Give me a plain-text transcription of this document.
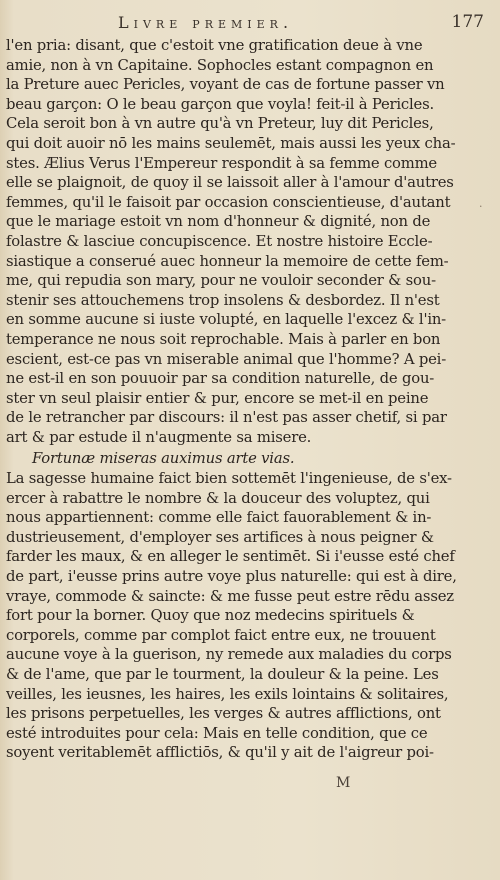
Livre premier.	177
l'en pria: disant, que c'estoit vne gratification deue à vne
amie, non à vn Capitaine. Sophocles estant compagnon en
la Preture auec Pericles, voyant de cas de fortune passer vn
beau garçon: O le beau garçon que voyla! feit-il à Pericles.
Cela seroit bon à vn autre qu'à vn Preteur, luy dit Pericles,
qui doit auoir nō les mains seulemēt, mais aussi les yeux cha-
stes. Ælius Verus l'Empereur respondit à sa femme comme
elle se plaignoit, de quoy il se laissoit aller à l'amour d'autres
femmes, qu'il le faisoit par occasion conscientieuse, d'autant
que le mariage estoit vn nom d'honneur & dignité, non de
folastre & lasciue concupiscence. Et nostre histoire Eccle-
siastique a conserué auec honneur la memoire de cette fem-
me, qui repudia son mary, pour ne vouloir seconder & sou-
stenir ses attouchemens trop insolens & desbordez. Il n'est
en somme aucune si iuste volupté, en laquelle l'excez & l'in-
temperance ne nous soit reprochable. Mais à parler en bon
escient, est-ce pas vn miserable animal que l'homme? A pei-
ne est-il en son pouuoir par sa condition naturelle, de gou-
ster vn seul plaisir entier & pur, encore se met-il en peine
de le retrancher par discours: il n'est pas asser chetif, si par
art & par estude il n'augmente sa misere.
Fortunæ miseras auximus arte vias.
La sagesse humaine faict bien sottemēt l'ingenieuse, de s'ex-
ercer à rabattre le nombre & la douceur des voluptez, qui
nous appartiennent: comme elle faict fauorablement & in-
dustrieusement, d'employer ses artifices à nous peigner &
farder les maux, & en alleger le sentimēt. Si i'eusse esté chef
de part, i'eusse prins autre voye plus naturelle: qui est à dire,
vraye, commode & saincte: & me fusse peut estre rēdu assez
fort pour la borner. Quoy que noz medecins spirituels &
corporels, comme par complot faict entre eux, ne trouuent
aucune voye à la guerison, ny remede aux maladies du corps
& de l'ame, que par le tourment, la douleur & la peine. Les
veilles, les ieusnes, les haires, les exils lointains & solitaires,
les prisons perpetuelles, les verges & autres afflictions, ont
esté introduites pour cela: Mais en telle condition, que ce
soyent veritablemēt afflictiōs, & qu'il y ait de l'aigreur poi-
·
M
